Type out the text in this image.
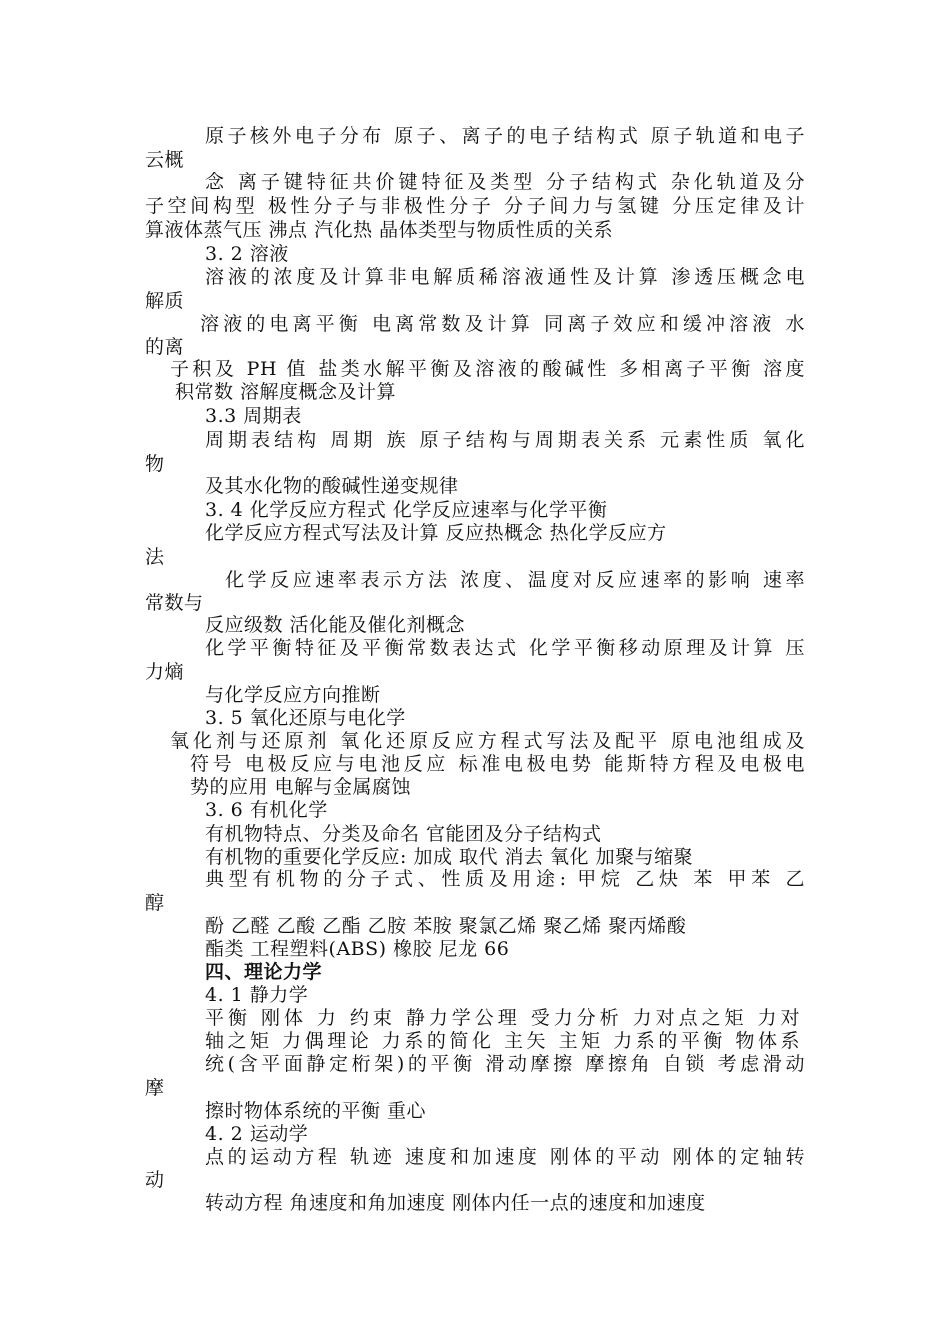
原子核外电子分布 原子、离子的电子结构式 原子轨道和电子
云概
念 离子键特征共价键特征及类型 分子结构式 杂化轨道及分
子空间构型 极性分子与非极性分子 分子间力与氢键 分压定律及计
算液体蒸气压 沸点 汽化热 晶体类型与物质性质的关系
3. 2 溶液
溶液的浓度及计算非电解质稀溶液通性及计算 渗透压概念电
解质
溶液的电离平衡 电离常数及计算 同离子效应和缓冲溶液 水
的离
子积及 PH 值 盐类水解平衡及溶液的酸碱性 多相离子平衡 溶度
积常数 溶解度概念及计算
3.3 周期表
周期表结构 周期 族 原子结构与周期表关系 元素性质 氧化
物
及其水化物的酸碱性递变规律
3. 4 化学反应方程式 化学反应速率与化学平衡
化学反应方程式写法及计算 反应热概念 热化学反应方
法
化学反应速率表示方法 浓度、温度对反应速率的影响 速率
常数与
反应级数 活化能及催化剂概念
化学平衡特征及平衡常数表达式 化学平衡移动原理及计算 压
力熵
与化学反应方向推断
3. 5 氧化还原与电化学
氧化剂与还原剂 氧化还原反应方程式写法及配平 原电池组成及
符号 电极反应与电池反应 标准电极电势 能斯特方程及电极电
势的应用 电解与金属腐蚀
3. 6 有机化学
有机物特点、分类及命名 官能团及分子结构式
有机物的重要化学反应: 加成 取代 消去 氧化 加聚与缩聚
典型有机物的分子式、性质及用途: 甲烷 乙炔 苯 甲苯 乙
醇
酚 乙醛 乙酸 乙酯 乙胺 苯胺 聚氯乙烯 聚乙烯 聚丙烯酸
酯类 工程塑料(ABS) 橡胶 尼龙 66
四、理论力学
4. 1 静力学
平衡 刚体 力 约束 静力学公理 受力分析 力对点之矩 力对
轴之矩 力偶理论 力系的简化 主矢 主矩 力系的平衡 物体系
统(含平面静定桁架)的平衡 滑动摩擦 摩擦角 自锁 考虑滑动
摩
擦时物体系统的平衡 重心
4. 2 运动学
点的运动方程 轨迹 速度和加速度 刚体的平动 刚体的定轴转
动
转动方程 角速度和角加速度 刚体内任一点的速度和加速度
